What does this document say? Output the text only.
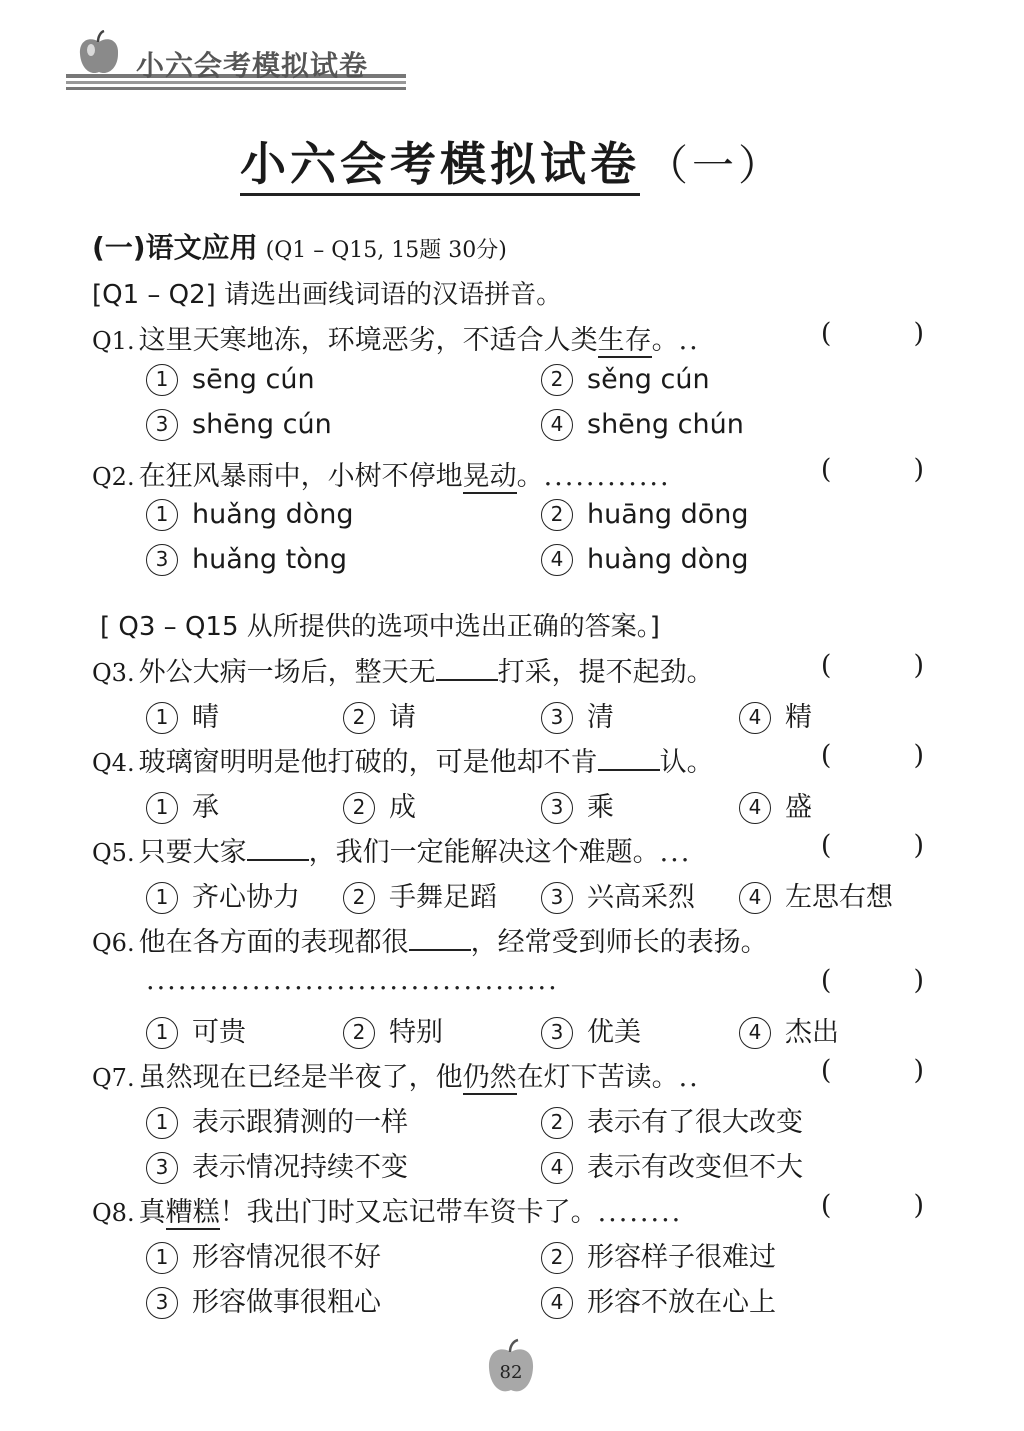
小六会考模拟试卷
小六会考模拟试卷 （一）
(一)语文应用 (Q1 – Q15, 15题 30分)
[Q1 – Q2] 请选出画线词语的汉语拼音。
Q1. 这里天寒地冻，环境恶劣，不适合人类生存。..	(	)
1 sēng cún	2 sěng cún
3 shēng cún	4 shēng chún
Q2. 在狂风暴雨中，小树不停地晃动。............	(	)
1 huǎng dòng	2 huāng dōng
3 huǎng tòng	4 huàng dòng
[ Q3 – Q15 从所提供的选项中选出正确的答案。]
Q3. 外公大病一场后，整天无 打采，提不起劲。	(	)
1 晴	2 请	3 清	4 精
Q4. 玻璃窗明明是他打破的，可是他却不肯 认。	(	)
1 承	2 成	3 乘	4 盛
Q5. 只要大家 ，我们一定能解决这个难题。...	(	)
1 齐心协力	2 手舞足蹈	3 兴高采烈	4 左思右想
Q6. 他在各方面的表现都很 ，经常受到师长的表扬。
.......................................	(	)
1 可贵	2 特别	3 优美	4 杰出
Q7. 虽然现在已经是半夜了，他仍然在灯下苦读。..	(	)
1 表示跟猜测的一样	2 表示有了很大改变
3 表示情况持续不变	4 表示有改变但不大
Q8. 真糟糕！我出门时又忘记带车资卡了。........	(	)
1 形容情况很不好	2 形容样子很难过
3 形容做事很粗心	4 形容不放在心上
82
